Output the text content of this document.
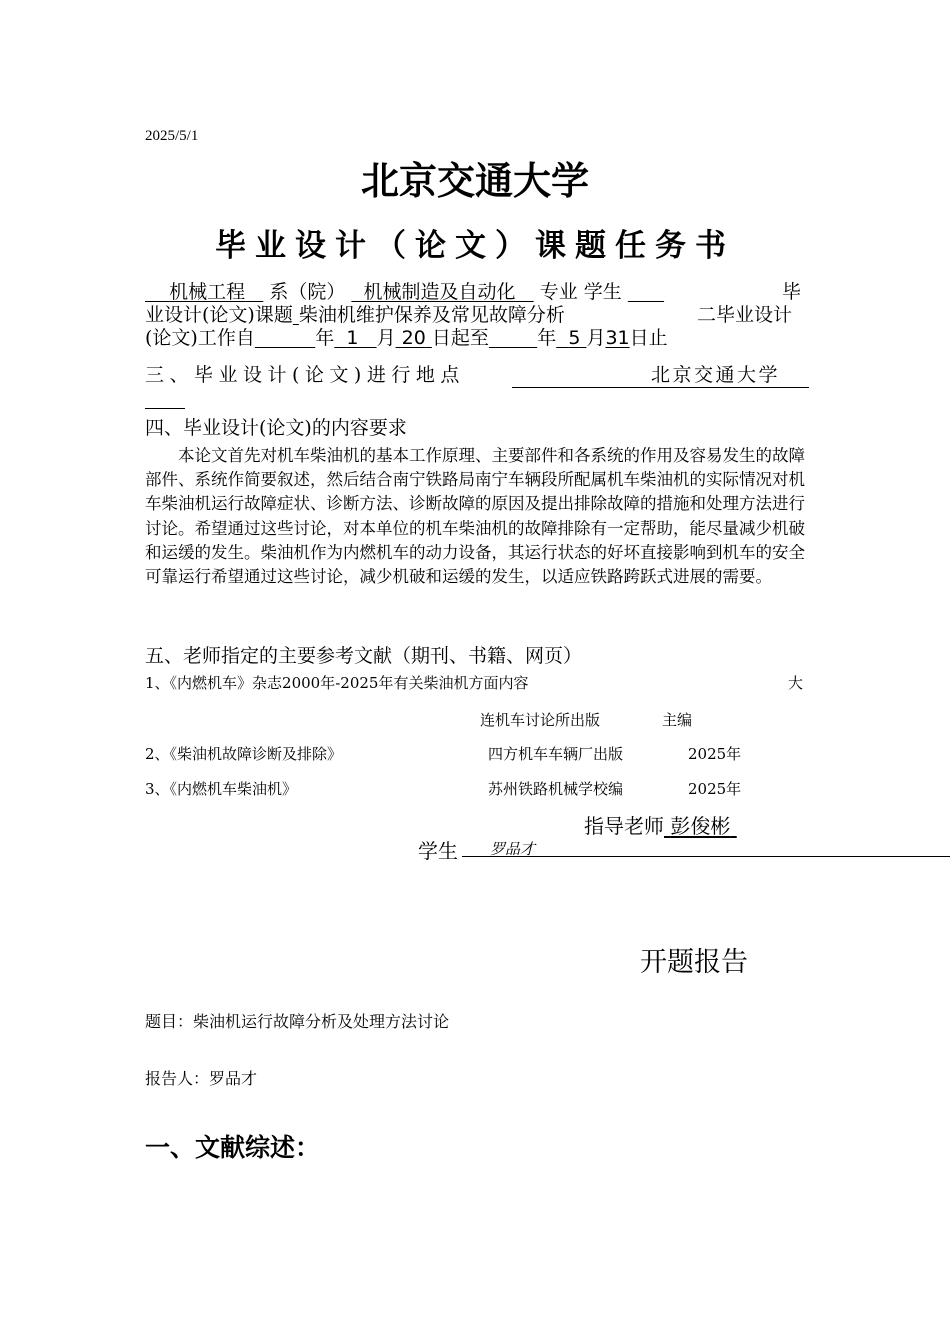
2025/5/1
北京交通大学
毕业设计（论文）课题任务书
机械工程 系（院） 机械制造及自动化 专业 学生	毕
业设计(论文)课题 柴油机维护保养及常见故障分析	二毕业设计
(论文)工作自	年 1 月 20 日起至	年 5 月31日止
三、毕业设计(论文)进行地点	北京交通大学
四、毕业设计(论文)的内容要求
本论文首先对机车柴油机的基本工作原理、主要部件和各系统的作用及容易发生的故障部件、系统作简要叙述，然后结合南宁铁路局南宁车辆段所配属机车柴油机的实际情况对机车柴油机运行故障症状、诊断方法、诊断故障的原因及提出排除故障的措施和处理方法进行讨论。希望通过这些讨论，对本单位的机车柴油机的故障排除有一定帮助，能尽量减少机破和运缓的发生。柴油机作为内燃机车的动力设备，其运行状态的好坏直接影响到机车的安全可靠运行希望通过这些讨论，减少机破和运缓的发生，以适应铁路跨跃式进展的需要。
五、老师指定的主要参考文献（期刊、书籍、网页）
1、《内燃机车》杂志2000年-2025年有关柴油机方面内容	大
连机车讨论所出版	主编
2、《柴油机故障诊断及排除》	四方机车车辆厂出版	2025年
3、《内燃机车柴油机》	苏州铁路机械学校编	2025年
指导老师 彭俊彬
学生 罗品才
开题报告
题目：柴油机运行故障分析及处理方法讨论
报告人：罗品才
一、文献综述：
